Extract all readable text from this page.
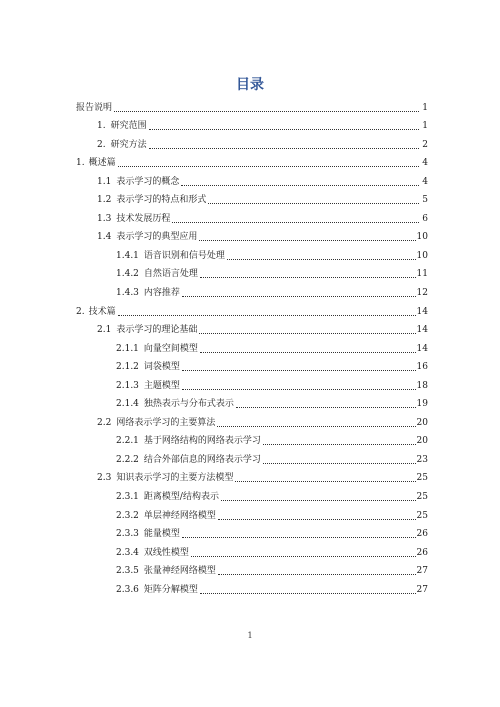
目录
报告说明	1
1. 研究范围	1
2. 研究方法	2
1. 概述篇	4
1.1 表示学习的概念	4
1.2 表示学习的特点和形式	5
1.3 技术发展历程	6
1.4 表示学习的典型应用	10
1.4.1 语音识别和信号处理	10
1.4.2 自然语言处理	11
1.4.3 内容推荐	12
2. 技术篇	14
2.1 表示学习的理论基础	14
2.1.1 向量空间模型	14
2.1.2 词袋模型	16
2.1.3 主题模型	18
2.1.4 独热表示与分布式表示	19
2.2 网络表示学习的主要算法	20
2.2.1 基于网络结构的网络表示学习	20
2.2.2 结合外部信息的网络表示学习	23
2.3 知识表示学习的主要方法模型	25
2.3.1 距离模型/结构表示	25
2.3.2 单层神经网络模型	25
2.3.3 能量模型	26
2.3.4 双线性模型	26
2.3.5 张量神经网络模型	27
2.3.6 矩阵分解模型	27
1
